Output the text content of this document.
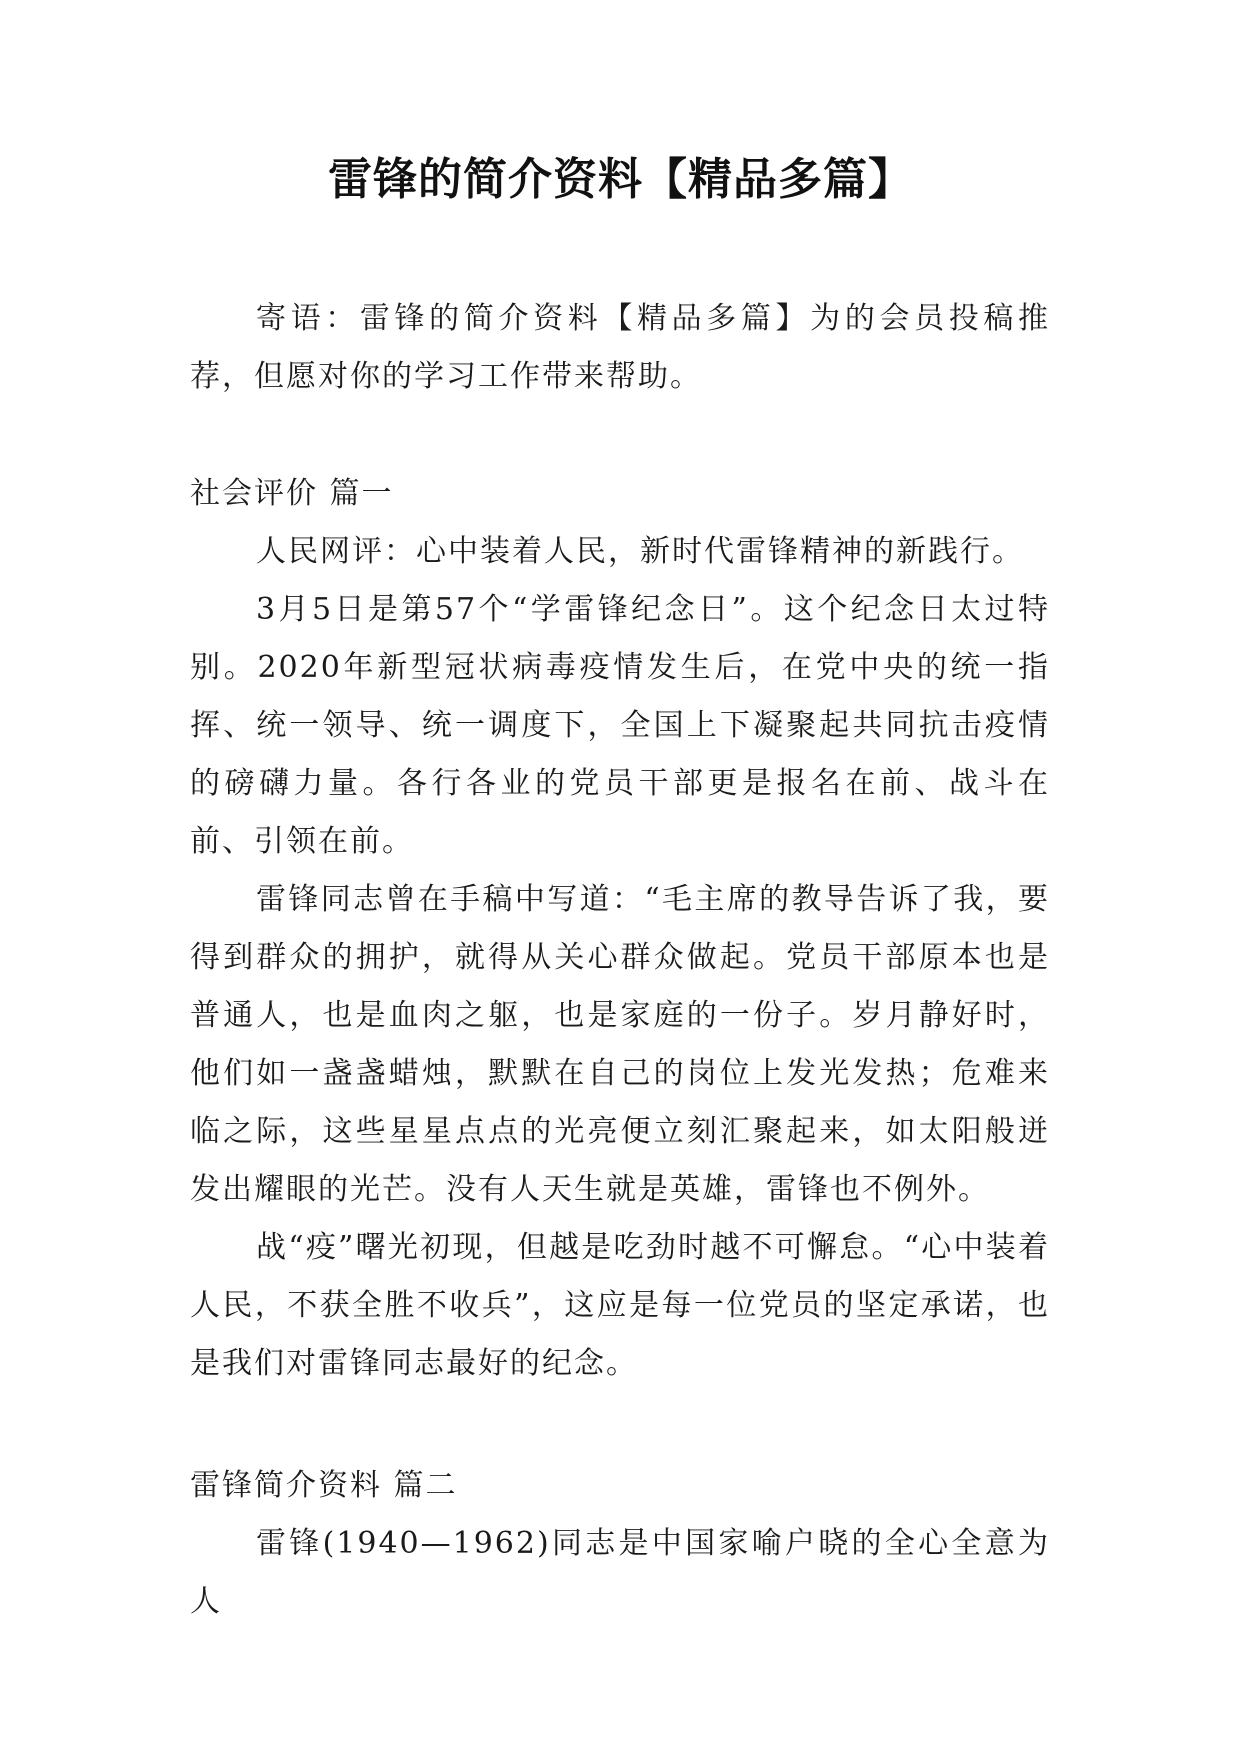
雷锋的简介资料【精品多篇】

寄语：雷锋的简介资料【精品多篇】为的会员投稿推荐，但愿对你的学习工作带来帮助。

社会评价 篇一

人民网评：心中装着人民，新时代雷锋精神的新践行。

3月5日是第57个“学雷锋纪念日”。这个纪念日太过特别。2020年新型冠状病毒疫情发生后，在党中央的统一指挥、统一领导、统一调度下，全国上下凝聚起共同抗击疫情的磅礴力量。各行各业的党员干部更是报名在前、战斗在前、引领在前。

雷锋同志曾在手稿中写道：“毛主席的教导告诉了我，要得到群众的拥护，就得从关心群众做起。党员干部原本也是普通人，也是血肉之躯，也是家庭的一份子。岁月静好时，他们如一盏盏蜡烛，默默在自己的岗位上发光发热；危难来临之际，这些星星点点的光亮便立刻汇聚起来，如太阳般迸发出耀眼的光芒。没有人天生就是英雄，雷锋也不例外。

战“疫”曙光初现，但越是吃劲时越不可懈怠。“心中装着人民，不获全胜不收兵”，这应是每一位党员的坚定承诺，也是我们对雷锋同志最好的纪念。

雷锋简介资料 篇二

雷锋(1940—1962)同志是中国家喻户晓的全心全意为人
